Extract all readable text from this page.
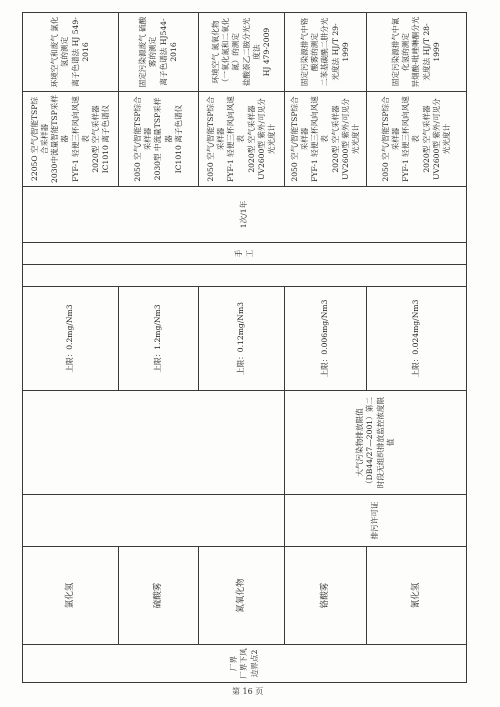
厂界 厂界下风边界点2	氯化氢			上限：0.2mg/Nm3		手工	1次/1年	2205O 空气/智能TSP综合采样器 2030中流量智能TSP采样器 FYF-1 轻便三杯风向风速表 2020型 空气采样器 IC1010 离子色谱仪	环境空气和废气 氯化氢的测定 离子色谱法 HJ 549-2016

	硫酸雾			上限：1.2mg/Nm3				2050 空气/智能TSP综合采样器 2030型 中流量TSP采样器 IC1010 离子色谱仪	固定污染源废气 硫酸雾的测定 离子色谱法 HJ544-2016

	氮氧化物			上限：0.12mg/Nm3				2050 空气/智能TSP综合采样器 FYF-1 轻便三杯风向风速表 2020型 空气采样器 UV2600型 紫外/可见分光光度计	环境空气 氮氧化物（一氧化氮和二氧化氮）的测定 盐酸萘乙二胺分光光度法 HJ 479-2009

	铬酸雾	排污许可证	大气污染物排放限值（DB44/27—2001）第二时段无组织排放监控浓度限值	上限：0.006mg/Nm3				2050 空气/智能TSP综合采样器 FYF-1 轻便三杯风向风速表 2020型 空气采样器 UV2600型 紫外/可见分光光度计	固定污染源排气中铬酸雾的测定 二苯基碳酰二肼分光光度法 HJ/T 29-1999

	氰化氢			上限：0.024mg/Nm3				2050 空气/智能TSP综合采样器 FYF-1 轻便三杯风向风速表 2020型 空气采样器 UV2600型 紫外/可见分光光度计	固定污染源排气中氰化氢的测定 异烟酸-吡唑啉酮分光光度法 HJ/T 28-1999
第 16 页
